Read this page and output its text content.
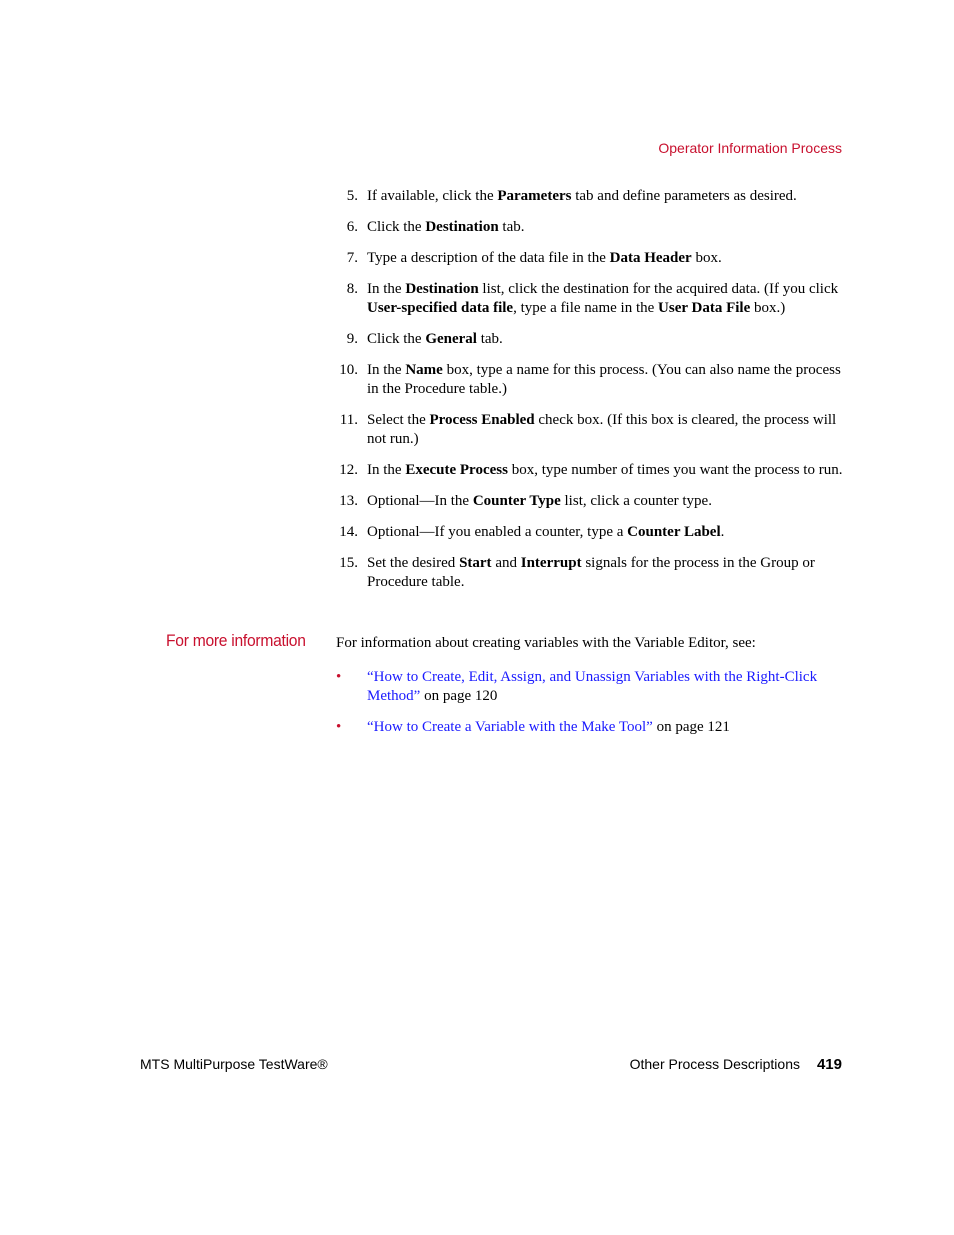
Operator Information Process
5. If available, click the Parameters tab and define parameters as desired.
6. Click the Destination tab.
7. Type a description of the data file in the Data Header box.
8. In the Destination list, click the destination for the acquired data. (If you click User-specified data file, type a file name in the User Data File box.)
9. Click the General tab.
10. In the Name box, type a name for this process. (You can also name the process in the Procedure table.)
11. Select the Process Enabled check box. (If this box is cleared, the process will not run.)
12. In the Execute Process box, type number of times you want the process to run.
13. Optional—In the Counter Type list, click a counter type.
14. Optional—If you enabled a counter, type a Counter Label.
15. Set the desired Start and Interrupt signals for the process in the Group or Procedure table.
For more information For information about creating variables with the Variable Editor, see:
• “How to Create, Edit, Assign, and Unassign Variables with the Right-Click Method” on page 120
• “How to Create a Variable with the Make Tool” on page 121
MTS MultiPurpose TestWare®	Other Process Descriptions 419
